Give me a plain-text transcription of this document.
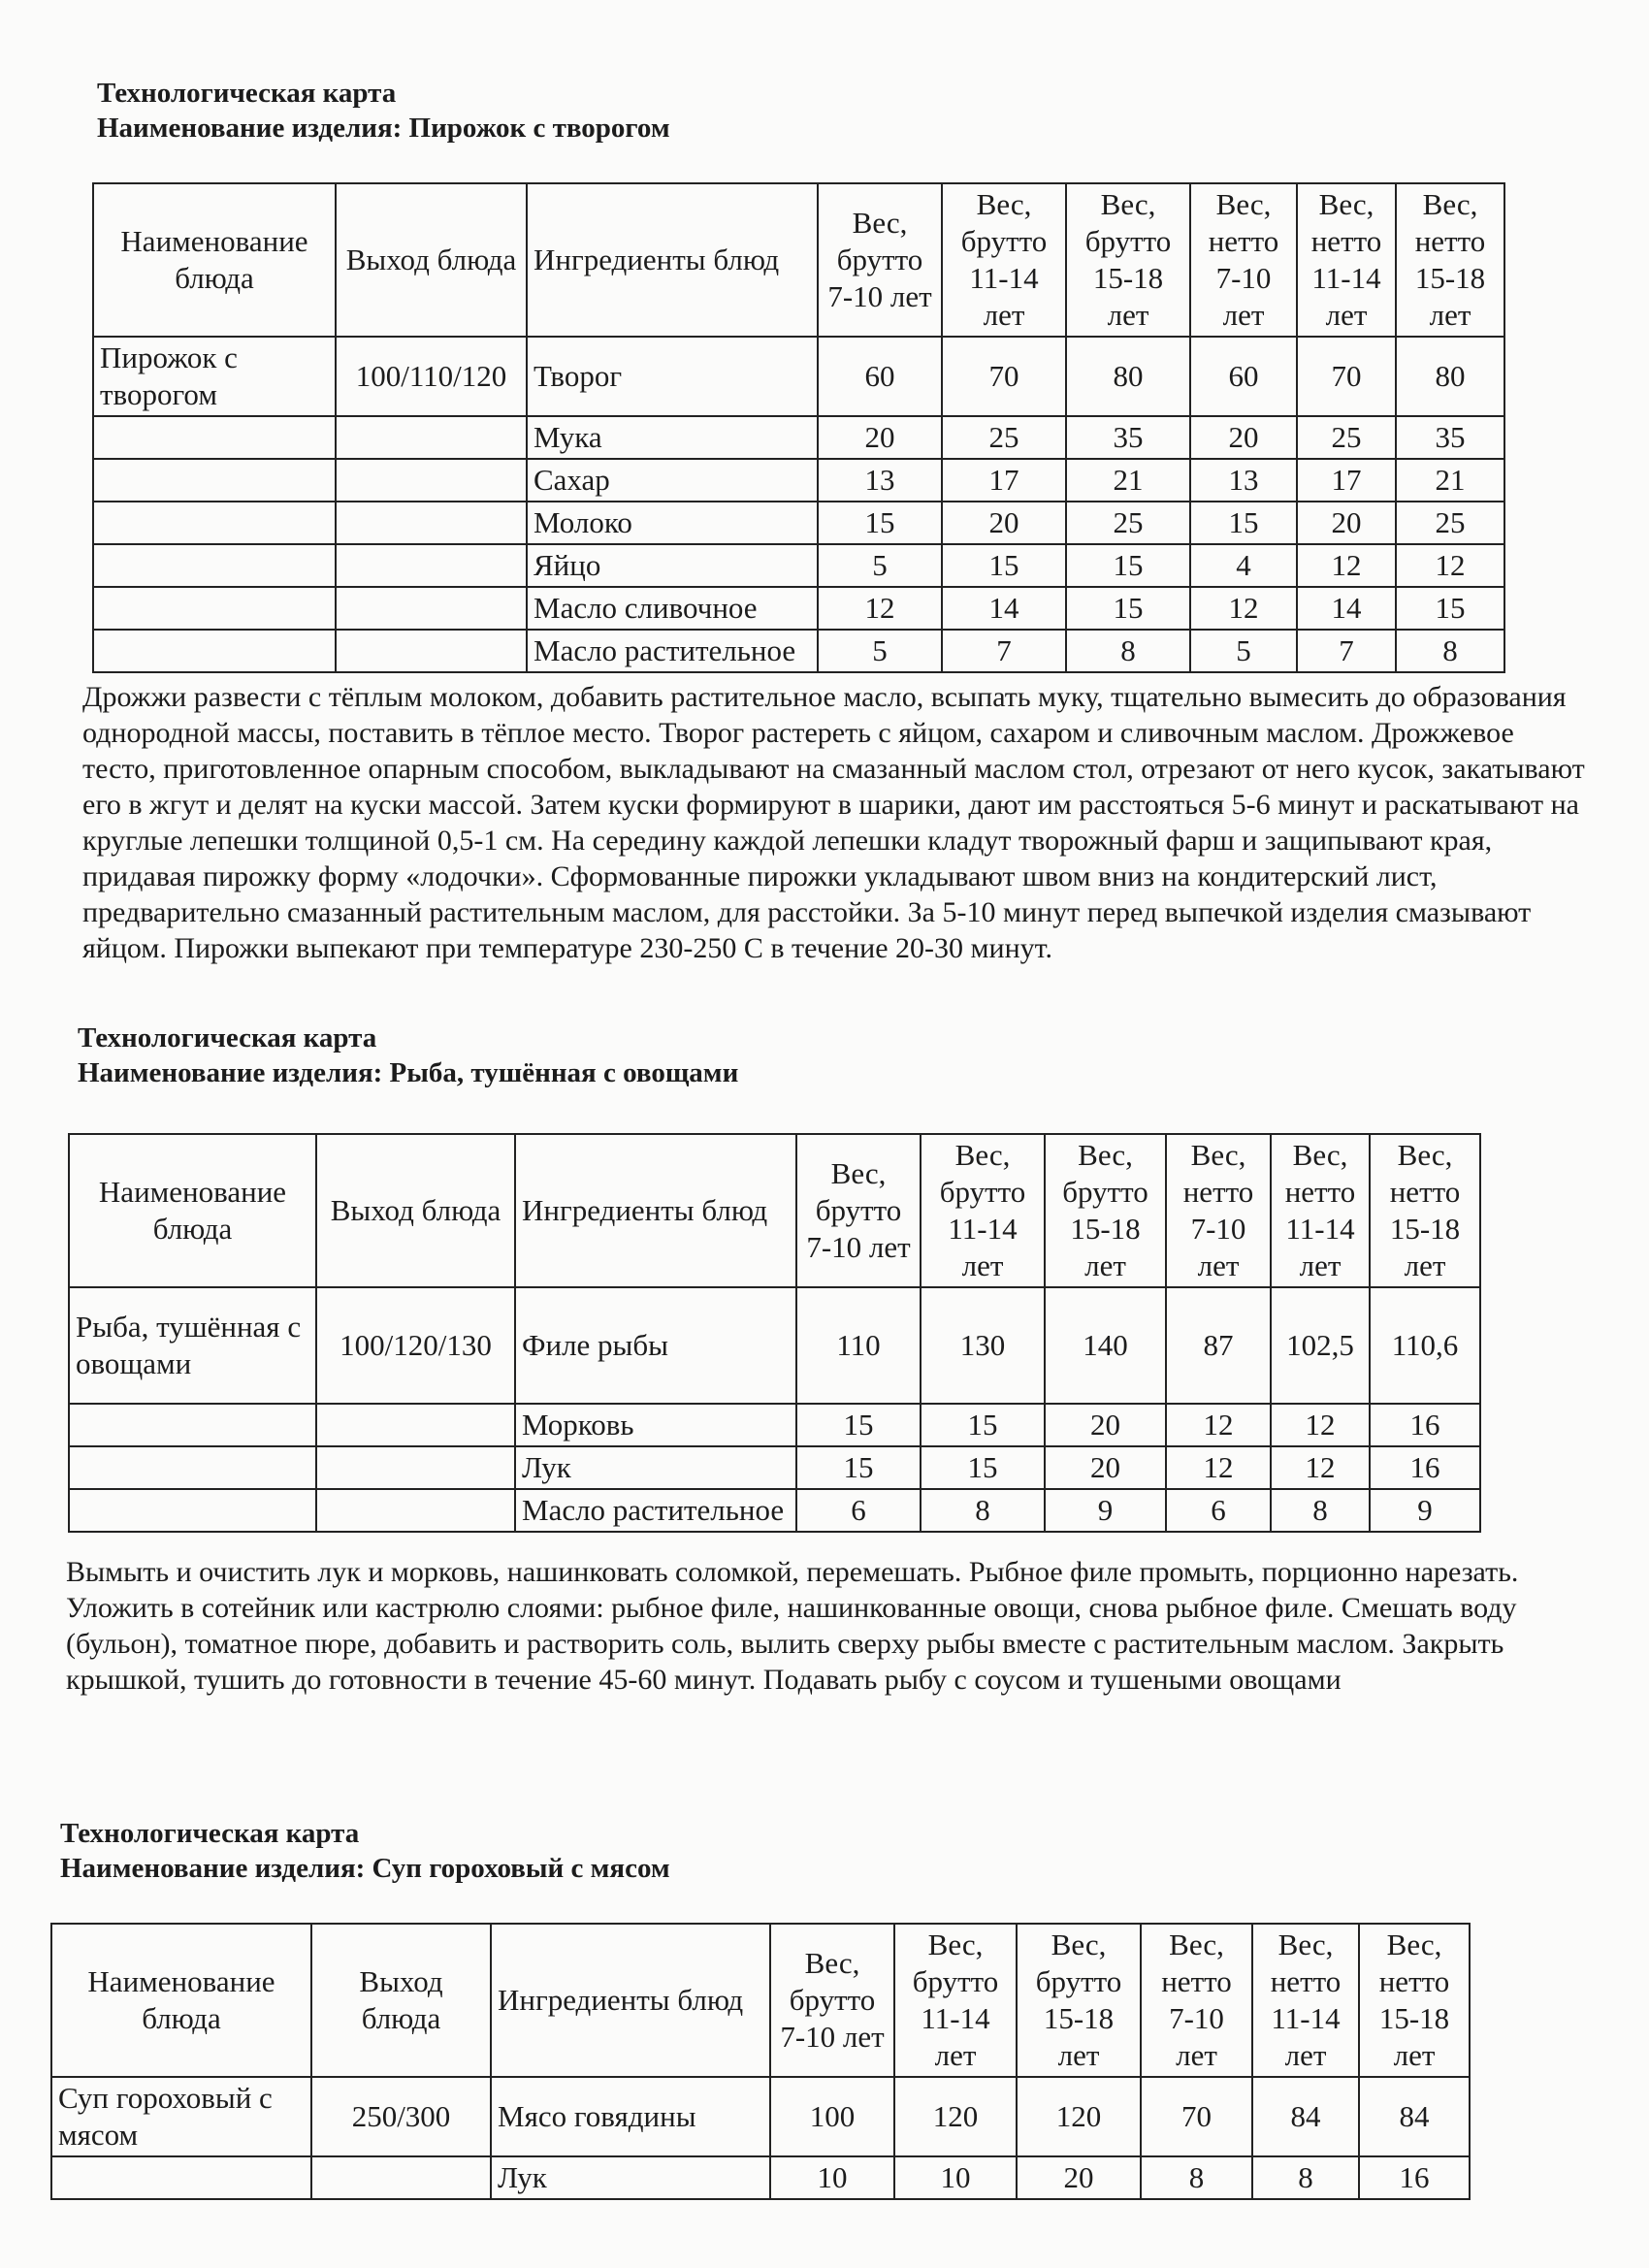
Технологическая карта

Наименование изделия: Пирожок с творогом

Наименование блюда	Выход блюда	Ингредиенты блюд	Вес, брутто 7-10 лет	Вес, брутто 11-14 лет	Вес, брутто 15-18 лет	Вес, нетто 7-10 лет	Вес, нетто 11-14 лет	Вес, нетто 15-18 лет
Пирожок с творогом	100/110/120	Творог	60	70	80	60	70	80
		Мука	20	25	35	20	25	35
		Сахар	13	17	21	13	17	21
		Молоко	15	20	25	15	20	25
		Яйцо	5	15	15	4	12	12
		Масло сливочное	12	14	15	12	14	15
		Масло растительное	5	7	8	5	7	8

Дрожжи развести с тёплым молоком, добавить растительное масло, всыпать муку, тщательно вымесить до образования однородной массы, поставить в тёплое место. Творог растереть с яйцом, сахаром и сливочным маслом. Дрожжевое тесто, приготовленное опарным способом, выкладывают на смазанный маслом стол, отрезают от него кусок, закатывают его в жгут и делят на куски массой. Затем куски формируют в шарики, дают им расстояться 5-6 минут и раскатывают на круглые лепешки толщиной 0,5-1 см. На середину каждой лепешки кладут творожный фарш и защипывают края, придавая пирожку форму «лодочки». Сформованные пирожки укладывают швом вниз на кондитерский лист, предварительно смазанный растительным маслом, для расстойки. За 5-10 минут перед выпечкой изделия смазывают яйцом. Пирожки выпекают при температуре 230-250 С в течение 20-30 минут.

Технологическая карта

Наименование изделия: Рыба, тушённая с овощами

Наименование блюда	Выход блюда	Ингредиенты блюд	Вес, брутто 7-10 лет	Вес, брутто 11-14 лет	Вес, брутто 15-18 лет	Вес, нетто 7-10 лет	Вес, нетто 11-14 лет	Вес, нетто 15-18 лет
Рыба, тушённая с овощами	100/120/130	Филе рыбы	110	130	140	87	102,5	110,6
		Морковь	15	15	20	12	12	16
		Лук	15	15	20	12	12	16
		Масло растительное	6	8	9	6	8	9

Вымыть и очистить лук и морковь, нашинковать соломкой, перемешать. Рыбное филе промыть, порционно нарезать. Уложить в сотейник или кастрюлю слоями: рыбное филе, нашинкованные овощи, снова рыбное филе. Смешать воду (бульон), томатное пюре, добавить и растворить соль, вылить сверху рыбы вместе с растительным маслом. Закрыть крышкой, тушить до готовности в течение 45-60 минут. Подавать рыбу с соусом и тушеными овощами

Технологическая карта

Наименование изделия: Суп гороховый с мясом

Наименование блюда	Выход блюда	Ингредиенты блюд	Вес, брутто 7-10 лет	Вес, брутто 11-14 лет	Вес, брутто 15-18 лет	Вес, нетто 7-10 лет	Вес, нетто 11-14 лет	Вес, нетто 15-18 лет
Суп гороховый с мясом	250/300	Мясо говядины	100	120	120	70	84	84
		Лук	10	10	20	8	8	16
